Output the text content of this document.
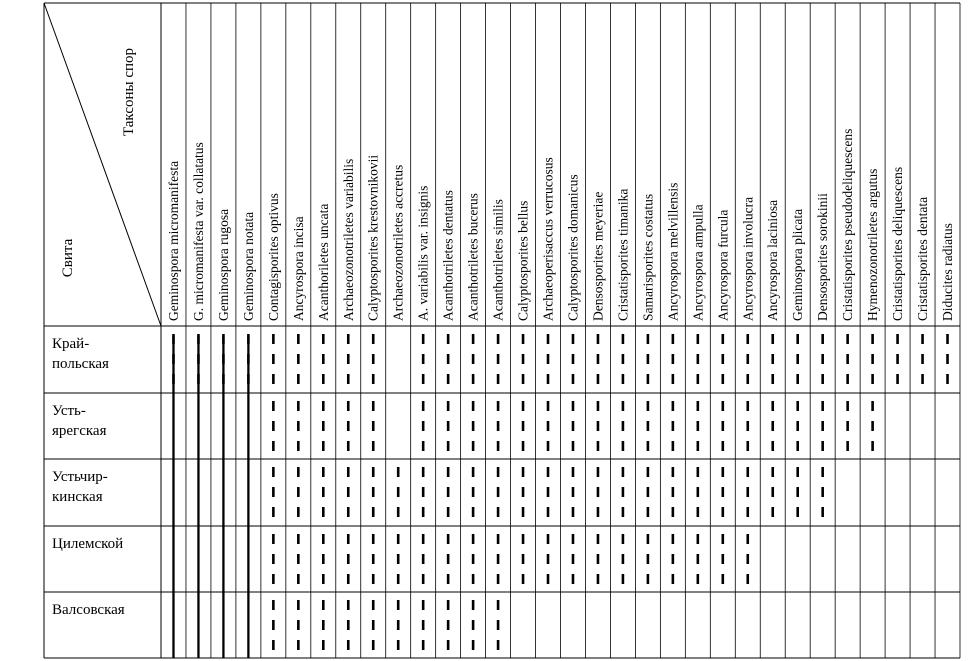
Таксоны спор
Свита	Geminospora micromanifesta G. micromanifesta var. collatatus Geminospora rugosa Geminospora notata Contagisporites optivus Ancyrospora incisa Acanthoriletes uncata Archaeozonotriletes variabilis Calyptosporites krestovnikovii Archaeozonotriletes accretus A. variabilis var. insignis Acanthotriletes dentatus Acanthotriletes bucerus Acanthotriletes similis Calyptosporites bellus Archaeoperisaccus verrucosus Calyptosporites domanicus Densosporites meyeriae Cristatisporites timanika Samarisporites costatus Ancyrospora melvillensis Ancyrospora ampulla Ancyrospora furcula Ancyrospora involucra Ancyrospora laciniosa Geminospora plicata Densosporites sorokinii Cristatisporites pseudodeliquescens Hymenozonotriletes argutus Cristatisporites deliquescens Cristatisporites dentata Diducites radiatus
Край-польская
Усть-ярегская
Устьчир-кинская
Цилемской
Валсовская
